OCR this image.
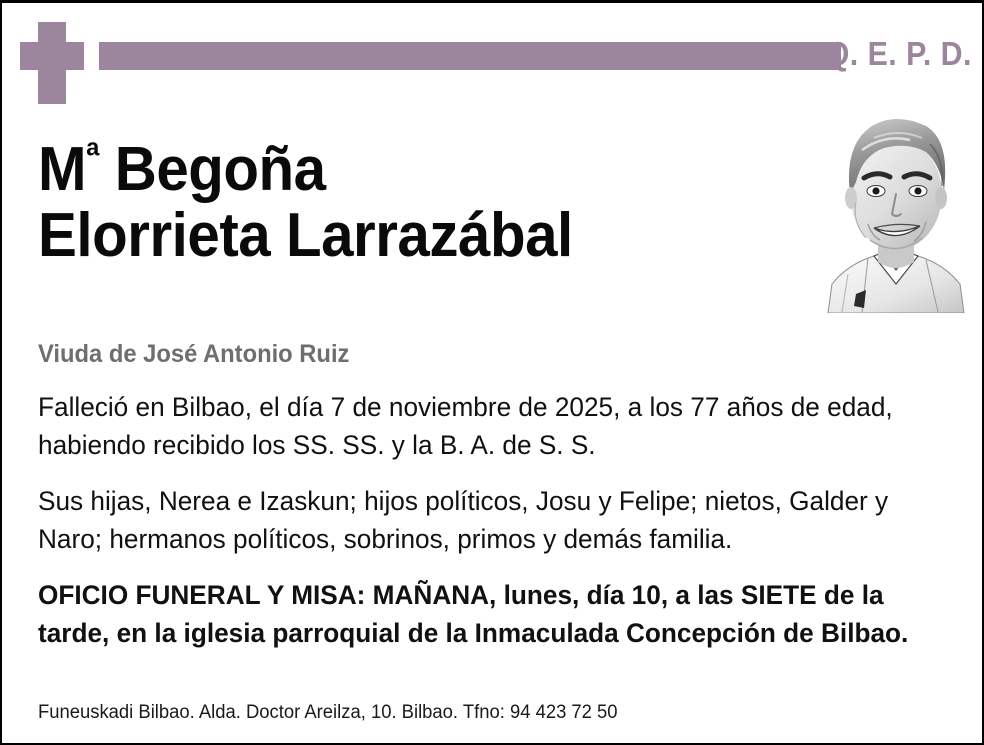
Q. E. P. D.
$M^ª$ Begoña
Elorrieta Larrazábal
Viuda de José Antonio Ruiz

Falleció en Bilbao, el día 7 de noviembre de 2025, a los 77 años de edad, habiendo recibido los SS. SS. y la B. A. de S. S.

Sus hijas, Nerea e Izaskun; hijos políticos, Josu y Felipe; nietos, Galder y Naro; hermanos políticos, sobrinos, primos y demás familia.

OFICIO FUNERAL Y MISA: MAÑANA, lunes, día 10, a las SIETE de la tarde, en la iglesia parroquial de la Inmaculada Concepción de Bilbao.

Funeuskadi Bilbao. Alda. Doctor Areilza, 10. Bilbao. Tfno: 94 423 72 50
